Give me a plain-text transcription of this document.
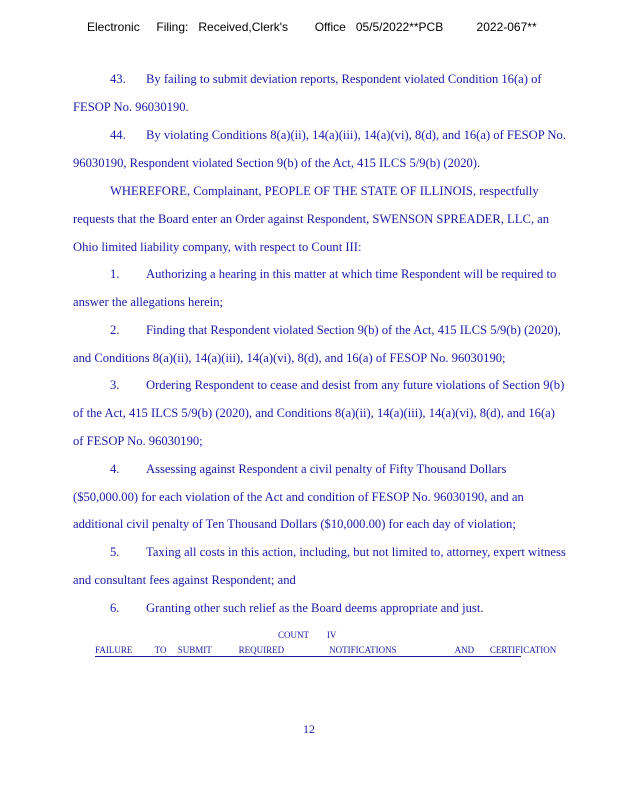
Electronic     Filing:   Received,Clerk's        Office   05/5/2022**PCB          2022-067**
43. By failing to submit deviation reports, Respondent violated Condition 16(a) of
FESOP No. 96030190.
44. By violating Conditions 8(a)(ii), 14(a)(iii), 14(a)(vi), 8(d), and 16(a) of FESOP No.
96030190, Respondent violated Section 9(b) of the Act, 415 ILCS 5/9(b) (2020).
WHEREFORE, Complainant, PEOPLE OF THE STATE OF ILLINOIS, respectfully
requests that the Board enter an Order against Respondent, SWENSON SPREADER, LLC, an
Ohio limited liability company, with respect to Count III:
1. Authorizing a hearing in this matter at which time Respondent will be required to
answer the allegations herein;
2. Finding that Respondent violated Section 9(b) of the Act, 415 ILCS 5/9(b) (2020),
and Conditions 8(a)(ii), 14(a)(iii), 14(a)(vi), 8(d), and 16(a) of FESOP No. 96030190;
3. Ordering Respondent to cease and desist from any future violations of Section 9(b)
of the Act, 415 ILCS 5/9(b) (2020), and Conditions 8(a)(ii), 14(a)(iii), 14(a)(vi), 8(d), and 16(a)
of FESOP No. 96030190;
4. Assessing against Respondent a civil penalty of Fifty Thousand Dollars
($50,000.00) for each violation of the Act and condition of FESOP No. 96030190, and an
additional civil penalty of Ten Thousand Dollars ($10,000.00) for each day of violation;
5. Taxing all costs in this action, including, but not limited to, attorney, expert witness
and consultant fees against Respondent; and
6. Granting other such relief as the Board deems appropriate and just.
COUNT        IV
FAILURE          TO     SUBMIT            REQUIRED                    NOTIFICATIONS                          AND       CERTIFICATION
12
